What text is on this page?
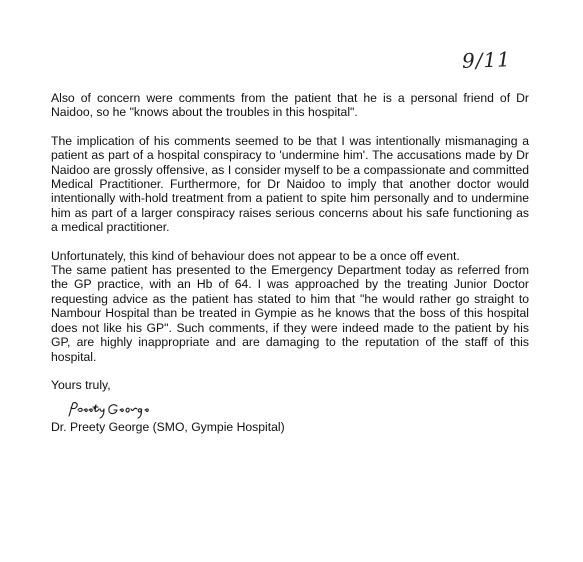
9/11

Also of concern were comments from the patient that he is a personal friend of Dr Naidoo, so he "knows about the troubles in this hospital".

The implication of his comments seemed to be that I was intentionally mismanaging a patient as part of a hospital conspiracy to 'undermine him'. The accusations made by Dr Naidoo are grossly offensive, as I consider myself to be a compassionate and committed Medical Practitioner. Furthermore, for Dr Naidoo to imply that another doctor would intentionally with-hold treatment from a patient to spite him personally and to undermine him as part of a larger conspiracy raises serious concerns about his safe functioning as a medical practitioner.

Unfortunately, this kind of behaviour does not appear to be a once off event.

The same patient has presented to the Emergency Department today as referred from the GP practice, with an Hb of 64. I was approached by the treating Junior Doctor requesting advice as the patient has stated to him that "he would rather go straight to Nambour Hospital than be treated in Gympie as he knows that the boss of this hospital does not like his GP". Such comments, if they were indeed made to the patient by his GP, are highly inappropriate and are damaging to the reputation of the staff of this hospital.

Yours truly,

Dr. Preety George (SMO, Gympie Hospital)
